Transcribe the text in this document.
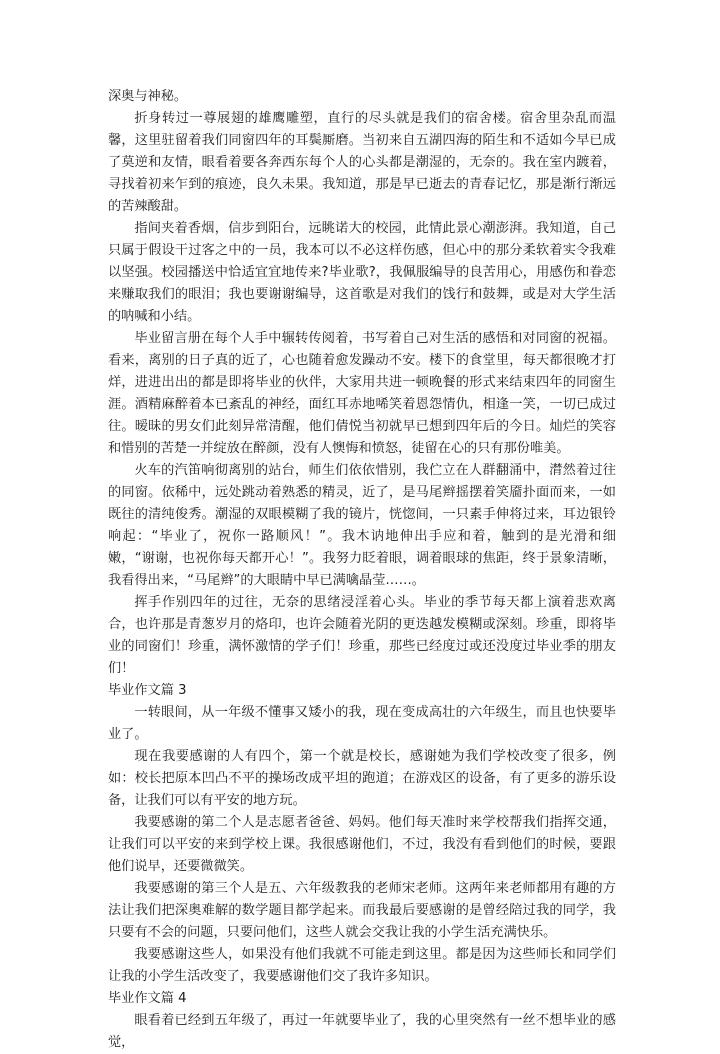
深奥与神秘。

折身转过一尊展翅的雄鹰雕塑，直行的尽头就是我们的宿舍楼。宿舍里杂乱而温馨，这里驻留着我们同窗四年的耳鬓厮磨。当初来自五湖四海的陌生和不适如今早已成了莫逆和友情，眼看着要各奔西东每个人的心头都是潮湿的，无奈的。我在室内踱着，寻找着初来乍到的痕迹，良久未果。我知道，那是早已逝去的青春记忆，那是渐行渐远的苦辣酸甜。

指间夹着香烟，信步到阳台，远眺诺大的校园，此情此景心潮澎湃。我知道，自己只属于假设干过客之中的一员，我本可以不必这样伤感，但心中的那分柔软着实令我难以坚强。校园播送中恰适宜宜地传来?毕业歌?，我佩服编导的良苦用心，用感伤和眷恋来赚取我们的眼泪；我也要谢谢编导，这首歌是对我们的饯行和鼓舞，或是对大学生活的呐喊和小结。

毕业留言册在每个人手中辗转传阅着，书写着自己对生活的感悟和对同窗的祝福。看来，离别的日子真的近了，心也随着愈发躁动不安。楼下的食堂里，每天都很晚才打烊，进进出出的都是即将毕业的伙伴，大家用共进一顿晚餐的形式来结束四年的同窗生涯。酒精麻醉着本已紊乱的神经，面红耳赤地唏笑着恩怨情仇，相逢一笑，一切已成过往。暧昧的男女们此刻异常清醒，他们倩悦当初就早已想到四年后的今日。灿烂的笑容和惜别的苦楚一并绽放在醉颜，没有人懊悔和愤怒，徒留在心的只有那份唯美。

火车的汽笛响彻离别的站台，师生们依依惜别，我伫立在人群翻涌中，潸然着过往的同窗。依稀中，远处跳动着熟悉的精灵，近了，是马尾辫摇摆着笑靥扑面而来，一如既往的清纯俊秀。潮湿的双眼模糊了我的镜片，恍惚间，一只素手伸将过来，耳边银铃响起：“毕业了，祝你一路顺风！”。我木讷地伸出手应和着，触到的是光滑和细嫩，“谢谢，也祝你每天都开心！”。我努力眨着眼，调着眼球的焦距，终于景象清晰，我看得出来，“马尾辫”的大眼睛中早已满噙晶莹……。

挥手作别四年的过往，无奈的思绪浸淫着心头。毕业的季节每天都上演着悲欢离合，也许那是青葱岁月的烙印，也许会随着光阴的更迭越发模糊或深刻。珍重，即将毕业的同窗们！珍重，满怀激情的学子们！珍重，那些已经度过或还没度过毕业季的朋友们！

毕业作文篇 3

一转眼间，从一年级不懂事又矮小的我，现在变成高壮的六年级生，而且也快要毕业了。

现在我要感谢的人有四个，第一个就是校长，感谢她为我们学校改变了很多，例如：校长把原本凹凸不平的操场改成平坦的跑道；在游戏区的设备，有了更多的游乐设备，让我们可以有平安的地方玩。

我要感谢的第二个人是志愿者爸爸、妈妈。他们每天准时来学校帮我们指挥交通，让我们可以平安的来到学校上课。我很感谢他们，不过，我没有看到他们的时候，要跟他们说早，还要微微笑。

我要感谢的第三个人是五、六年级教我的老师宋老师。这两年来老师都用有趣的方法让我们把深奥难解的数学题目都学起来。而我最后要感谢的是曾经陪过我的同学，我只要有不会的问题，只要问他们，这些人就会交我让我的小学生活充满快乐。

我要感谢这些人，如果没有他们我就不可能走到这里。都是因为这些师长和同学们让我的小学生活改变了，我要感谢他们交了我许多知识。

毕业作文篇 4

眼看着已经到五年级了，再过一年就要毕业了，我的心里突然有一丝不想毕业的感觉，
